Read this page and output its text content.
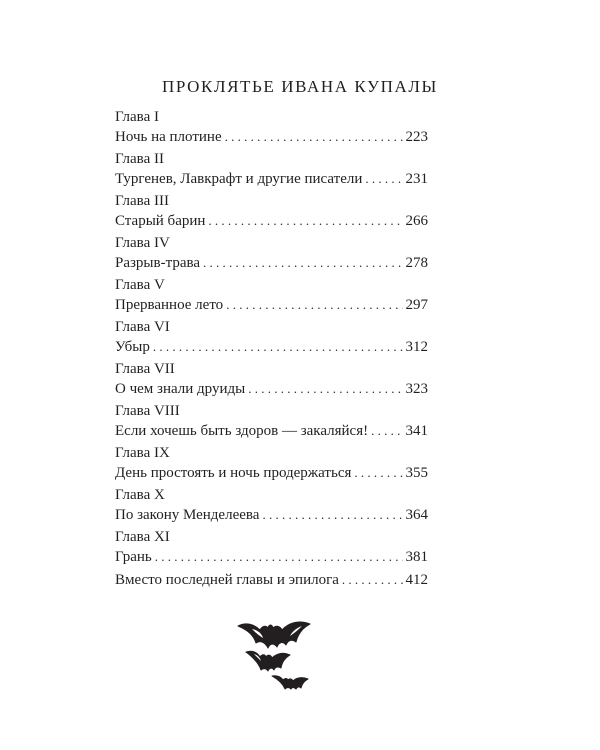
ПРОКЛЯТЬЕ ИВАНА КУПАЛЫ
Глава I
Ночь на плотине . . .	223
Глава II
Тургенев, Лавкрафт и другие писатели . . .	231
Глава III
Старый барин . . .	266
Глава IV
Разрыв-трава . . .	278
Глава V
Прерванное лето . . .	297
Глава VI
Убыр . . .	312
Глава VII
О чем знали друиды . . .	323
Глава VIII
Если хочешь быть здоров — закаляйся! . . . 341
Глава IX
День простоять и ночь продержаться . . .	355
Глава X
По закону Менделеева . . .	364
Глава XI
Грань . . .	381
Вместо последней главы и эпилога . . .	412
